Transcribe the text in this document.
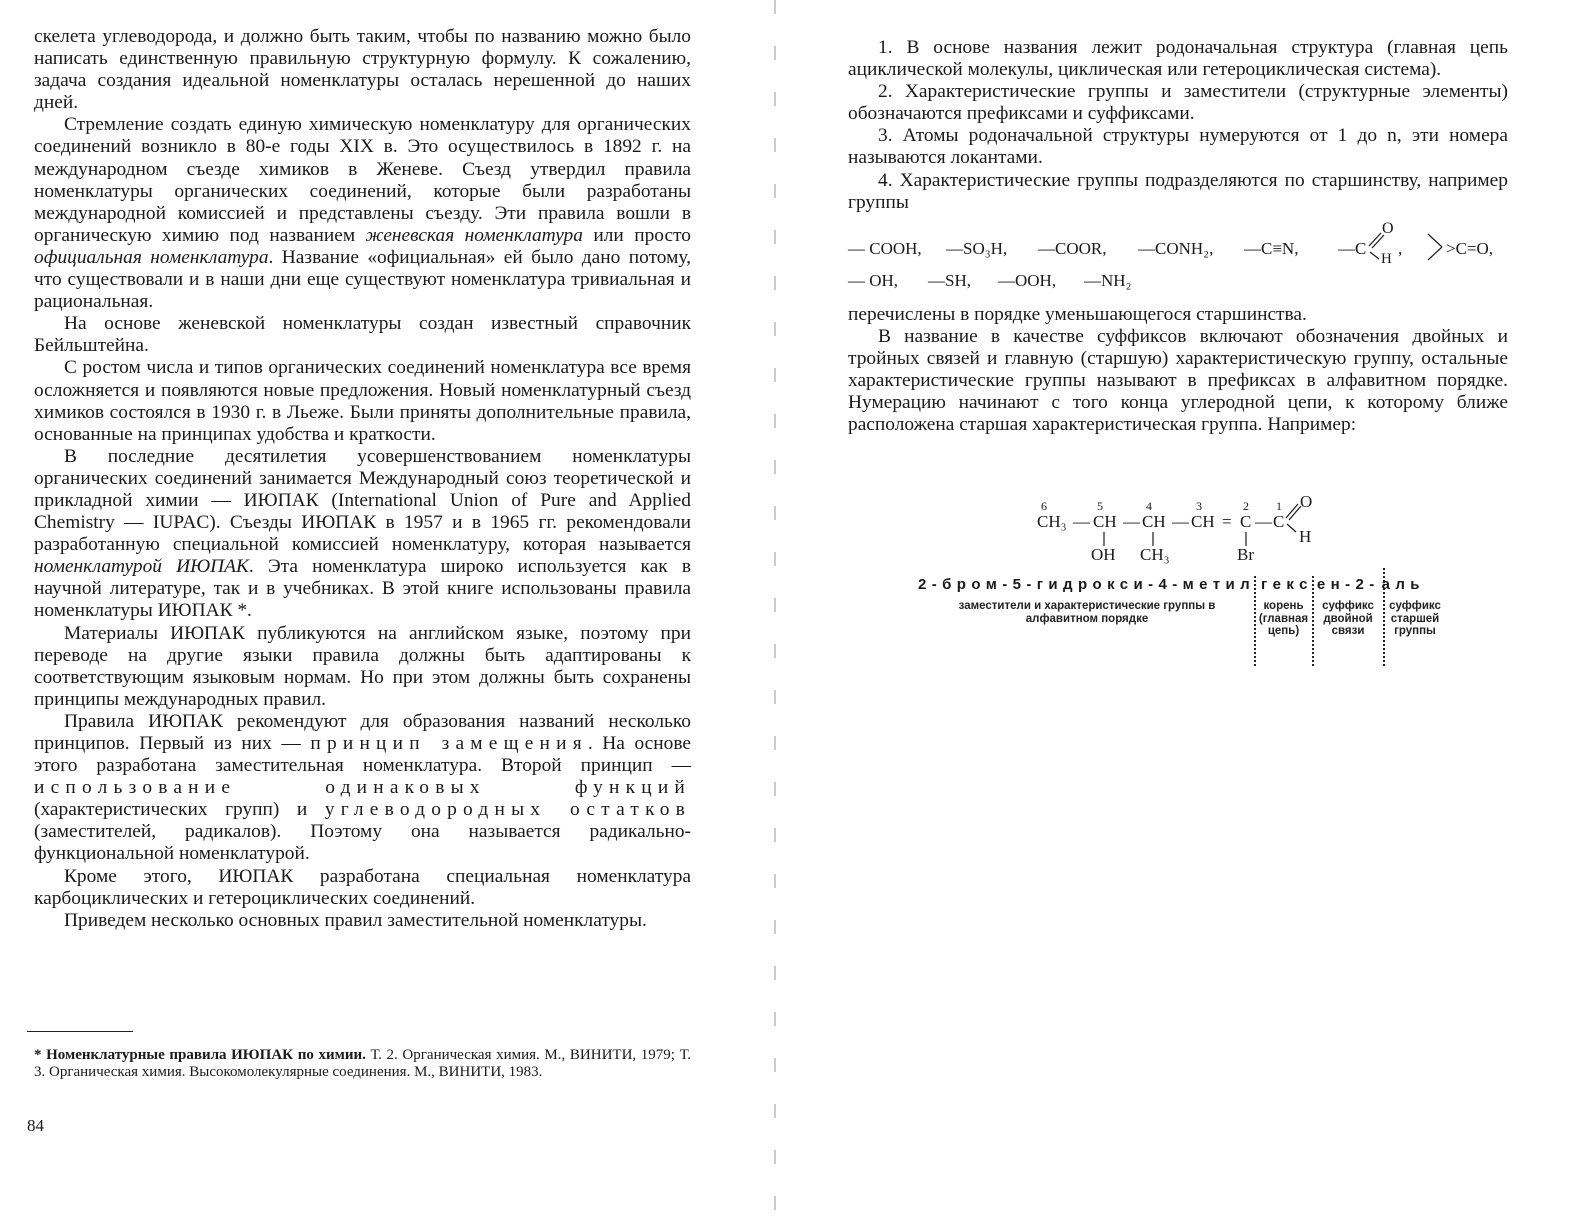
скелета углеводорода, и должно быть таким, чтобы по названию можно было написать единственную правильную структурную формулу. К сожалению, задача создания идеальной номенклатуры осталась нерешенной до наших дней.

Стремление создать единую химическую номенклатуру для органических соединений возникло в 80-е годы XIX в. Это осуществилось в 1892 г. на международном съезде химиков в Женеве. Съезд утвердил правила номенклатуры органических соединений, которые были разработаны международной комиссией и представлены съезду. Эти правила вошли в органическую химию под названием женевская номенклатура или просто официальная номенклатура. Название «официальная» ей было дано потому, что существовали и в наши дни еще существуют номенклатура тривиальная и рациональная.

На основе женевской номенклатуры создан известный справочник Бейльштейна.

С ростом числа и типов органических соединений номенклатура все время осложняется и появляются новые предложения. Новый номенклатурный съезд химиков состоялся в 1930 г. в Льеже. Были приняты дополнительные правила, основанные на принципах удобства и краткости.

В последние десятилетия усовершенствованием номенклатуры органических соединений занимается Международный союз теоретической и прикладной химии — ИЮПАК (International Union of Pure and Applied Chemistry — IUPAC). Съезды ИЮПАК в 1957 и в 1965 гг. рекомендовали разработанную специальной комиссией номенклатуру, которая называется номенклатурой ИЮПАК. Эта номенклатура широко используется как в научной литературе, так и в учебниках. В этой книге использованы правила номенклатуры ИЮПАК *.

Материалы ИЮПАК публикуются на английском языке, поэтому при переводе на другие языки правила должны быть адаптированы к соответствующим языковым нормам. Но при этом должны быть сохранены принципы международных правил.

Правила ИЮПАК рекомендуют для образования названий несколько принципов. Первый из них — принцип замещения. На основе этого разработана заместительная номенклатура. Второй принцип — использование одинаковых функций (характеристических групп) и углеводородных остатков (заместителей, радикалов). Поэтому она называется радикально-функциональной номенклатурой.

Кроме этого, ИЮПАК разработана специальная номенклатура карбоциклических и гетероциклических соединений.

Приведем несколько основных правил заместительной номенклатуры.

* Номенклатурные правила ИЮПАК по химии. Т. 2. Органическая химия. М., ВИНИТИ, 1979; Т. 3. Органическая химия. Высокомолекулярные соединения. М., ВИНИТИ, 1983.
84

1. В основе названия лежит родоначальная структура (главная цепь ациклической молекулы, циклическая или гетероциклическая система).

2. Характеристические группы и заместители (структурные элементы) обозначаются префиксами и суффиксами.

3. Атомы родоначальной структуры нумеруются от 1 до n, эти номера называются локантами.

4. Характеристические группы подразделяются по старшинству, например группы

— COOH, —SO₃H, —COOR, —CONH₂, —C≡N, —C
O
H
,	>C=O,
— OH, —SH, —OOH, —NH₂

перечислены в порядке уменьшающегося старшинства.

В название в качестве суффиксов включают обозначения двойных и тройных связей и главную (старшую) характеристическую группу, остальные характеристические группы называют в префиксах в алфавитном порядке. Нумерацию начинают с того конца углеродной цепи, к которому ближе расположена старшая характеристическая группа. Например:

6	5	4	3	2 1
CH₃ — CH — CH — CH = C — C
O
H
OH CH₃	Br
2-бром-5-гидрокси-4-метил гекс ен-2- аль
заместители и характеристические группы в алфавитном порядке
корень (главная цепь)
суффикс двойной связи
суффикс старшей группы
